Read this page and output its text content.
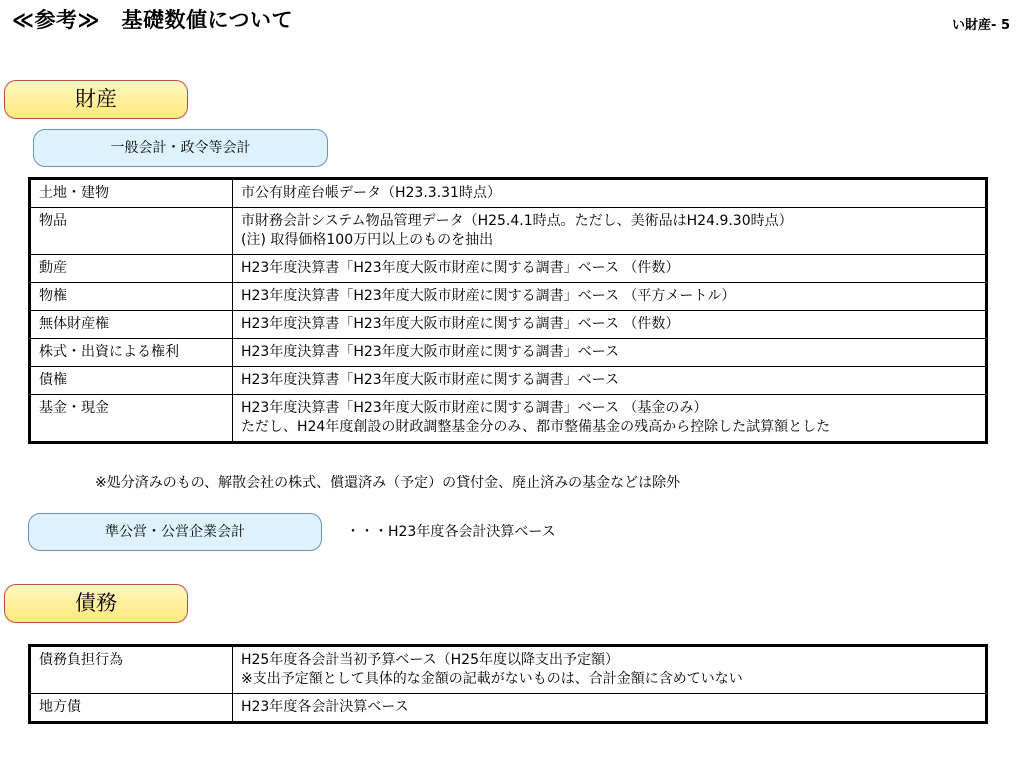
≪参考≫　基礎数値について	い財産- 5
財産
一般会計・政令等会計
土地・建物	市公有財産台帳データ（H23.3.31時点）

物品	市財務会計システム物品管理データ（H25.4.1時点。ただし、美術品はH24.9.30時点）
(注) 取得価格100万円以上のものを抽出

動産	H23年度決算書「H23年度大阪市財産に関する調書」ベース （件数）

物権	H23年度決算書「H23年度大阪市財産に関する調書」ベース （平方メートル）

無体財産権	H23年度決算書「H23年度大阪市財産に関する調書」ベース （件数）

株式・出資による権利	H23年度決算書「H23年度大阪市財産に関する調書」ベース

債権	H23年度決算書「H23年度大阪市財産に関する調書」ベース

基金・現金	H23年度決算書「H23年度大阪市財産に関する調書」ベース （基金のみ）
ただし、H24年度創設の財政調整基金分のみ、都市整備基金の残高から控除した試算額とした
※処分済みのもの、解散会社の株式、償還済み（予定）の貸付金、廃止済みの基金などは除外
準公営・公営企業会計	・・・H23年度各会計決算ベース
債務
債務負担行為	H25年度各会計当初予算ベース（H25年度以降支出予定額）
※支出予定額として具体的な金額の記載がないものは、合計金額に含めていない

地方債	H23年度各会計決算ベース
